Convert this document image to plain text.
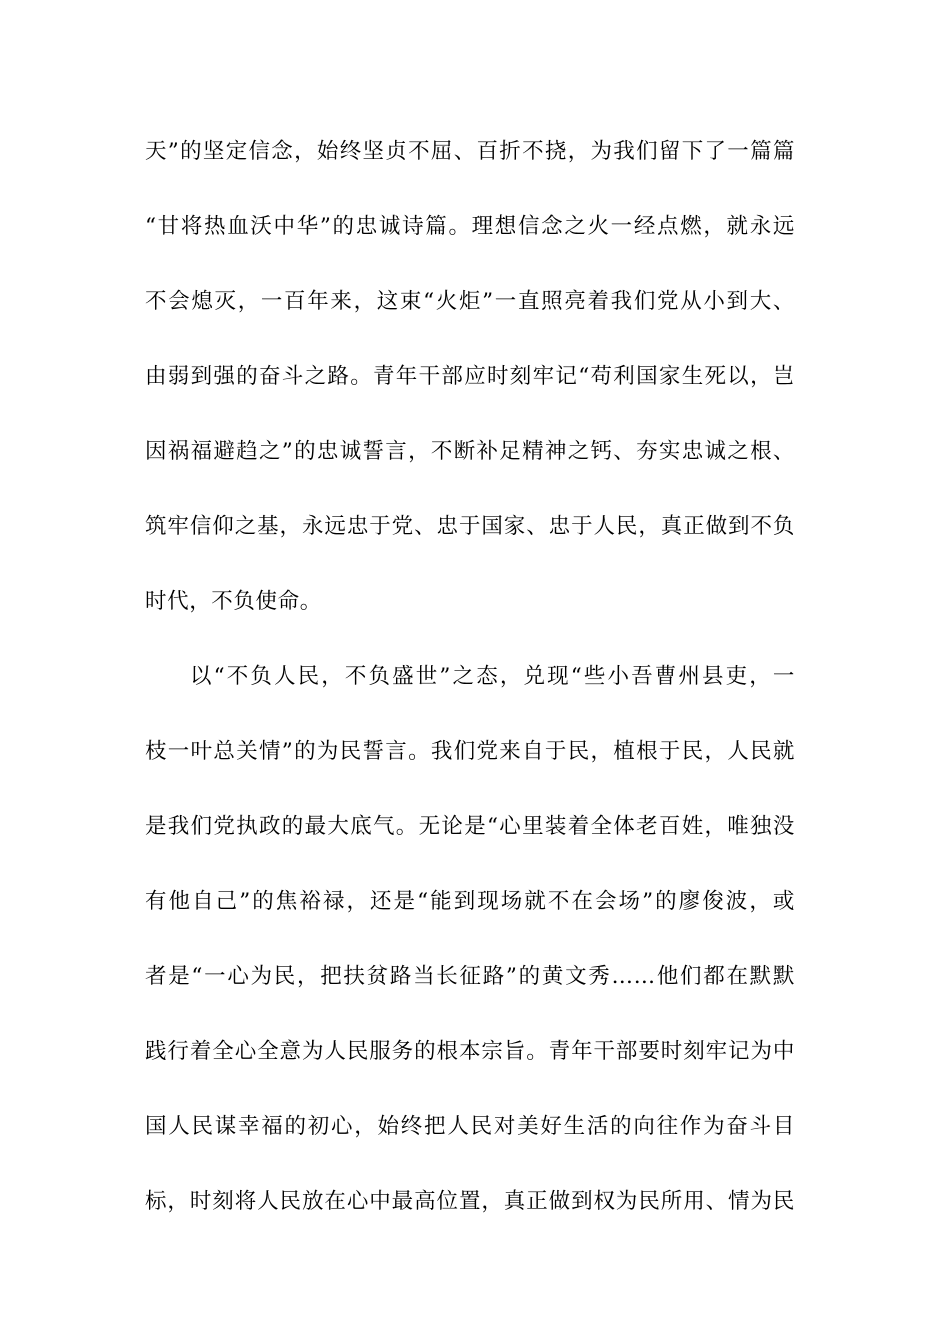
天”的坚定信念，始终坚贞不屈、百折不挠，为我们留下了一篇篇
“甘将热血沃中华”的忠诚诗篇。理想信念之火一经点燃，就永远
不会熄灭，一百年来，这束“火炬”一直照亮着我们党从小到大、
由弱到强的奋斗之路。青年干部应时刻牢记“苟利国家生死以，岂
因祸福避趋之”的忠诚誓言，不断补足精神之钙、夯实忠诚之根、
筑牢信仰之基，永远忠于党、忠于国家、忠于人民，真正做到不负
时代，不负使命。
以“不负人民，不负盛世”之态，兑现“些小吾曹州县吏，一
枝一叶总关情”的为民誓言。我们党来自于民，植根于民，人民就
是我们党执政的最大底气。无论是“心里装着全体老百姓，唯独没
有他自己”的焦裕禄，还是“能到现场就不在会场”的廖俊波，或
者是“一心为民，把扶贫路当长征路”的黄文秀……他们都在默默
践行着全心全意为人民服务的根本宗旨。青年干部要时刻牢记为中
国人民谋幸福的初心，始终把人民对美好生活的向往作为奋斗目
标，时刻将人民放在心中最高位置，真正做到权为民所用、情为民
